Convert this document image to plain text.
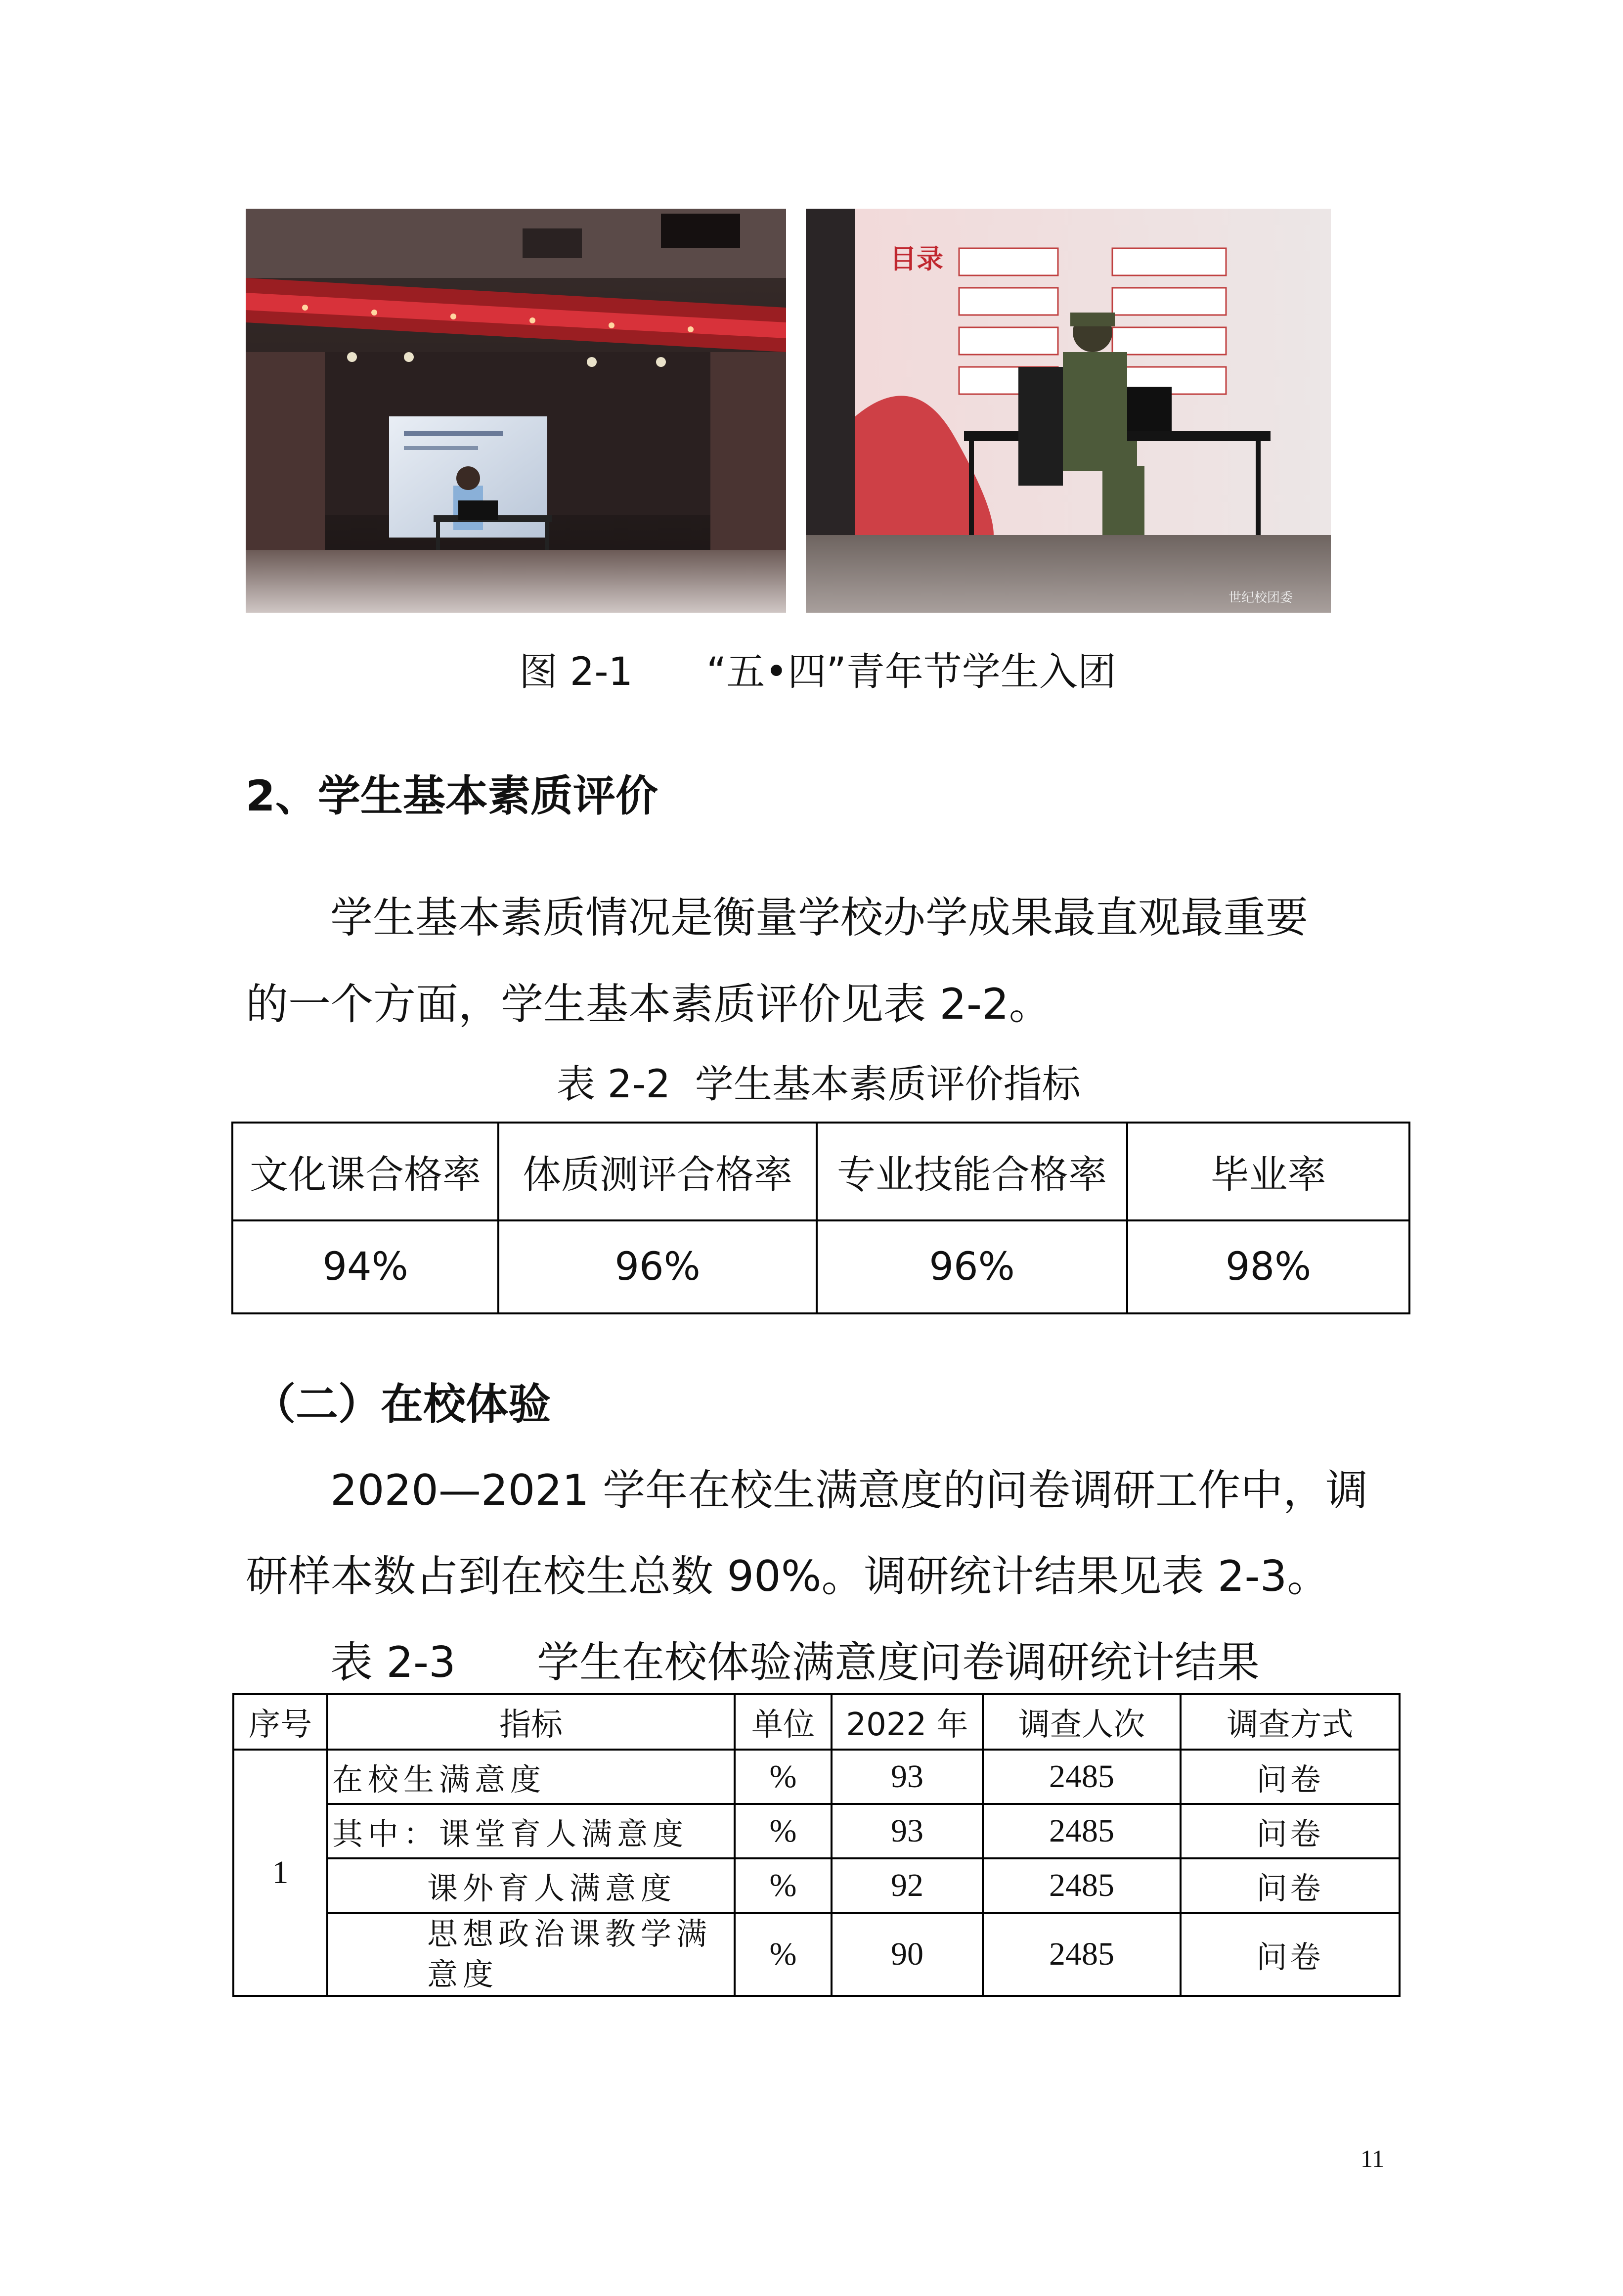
目录
世纪校团委
图 2-1      “五•四”青年节学生入团
2、学生基本素质评价
学生基本素质情况是衡量学校办学成果最直观最重要
的一个方面，学生基本素质评价见表 2-2。
表 2-2  学生基本素质评价指标
文化课合格率	体质测评合格率	专业技能合格率	毕业率
94%	96%	96%	98%
（二）在校体验
2020—2021 学年在校生满意度的问卷调研工作中，调
研样本数占到在校生总数 90%。调研统计结果见表 2-3。
表 2-3      学生在校体验满意度问卷调研统计结果
序号	指标	单位	2022 年	调查人次	调查方式
1	在校生满意度	%	93	2485	问卷
	其中：课堂育人满意度	%	93	2485	问卷
	课外育人满意度	%	92	2485	问卷
	思想政治课教学满意度	%	90	2485	问卷
11
